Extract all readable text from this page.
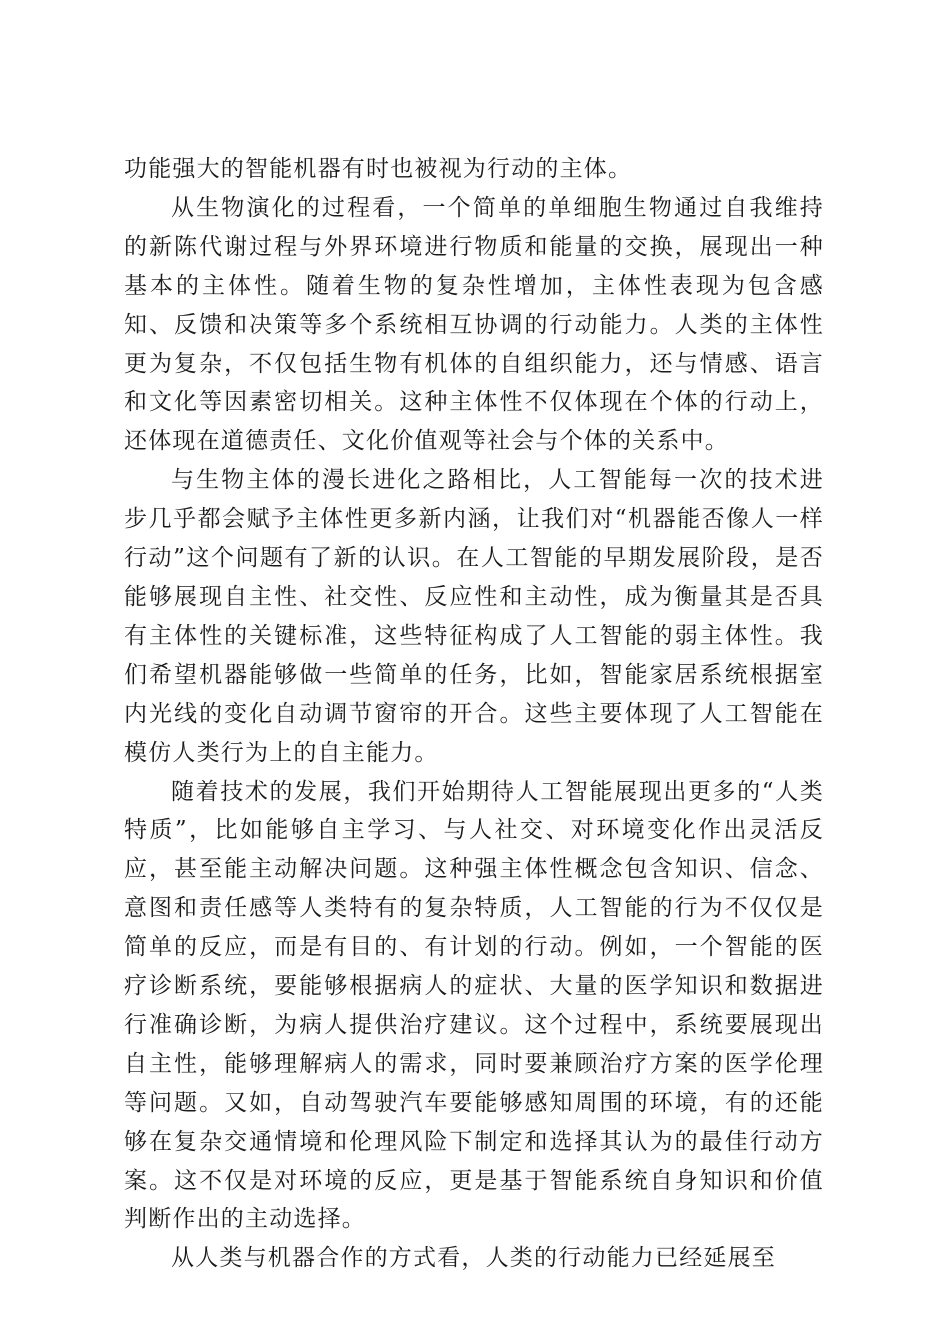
功能强大的智能机器有时也被视为行动的主体。

从生物演化的过程看，一个简单的单细胞生物通过自我维持的新陈代谢过程与外界环境进行物质和能量的交换，展现出一种基本的主体性。随着生物的复杂性增加，主体性表现为包含感知、反馈和决策等多个系统相互协调的行动能力。人类的主体性更为复杂，不仅包括生物有机体的自组织能力，还与情感、语言和文化等因素密切相关。这种主体性不仅体现在个体的行动上，还体现在道德责任、文化价值观等社会与个体的关系中。

与生物主体的漫长进化之路相比，人工智能每一次的技术进步几乎都会赋予主体性更多新内涵，让我们对“机器能否像人一样行动”这个问题有了新的认识。在人工智能的早期发展阶段，是否能够展现自主性、社交性、反应性和主动性，成为衡量其是否具有主体性的关键标准，这些特征构成了人工智能的弱主体性。我们希望机器能够做一些简单的任务，比如，智能家居系统根据室内光线的变化自动调节窗帘的开合。这些主要体现了人工智能在模仿人类行为上的自主能力。

随着技术的发展，我们开始期待人工智能展现出更多的“人类特质”，比如能够自主学习、与人社交、对环境变化作出灵活反应，甚至能主动解决问题。这种强主体性概念包含知识、信念、意图和责任感等人类特有的复杂特质，人工智能的行为不仅仅是简单的反应，而是有目的、有计划的行动。例如，一个智能的医疗诊断系统，要能够根据病人的症状、大量的医学知识和数据进行准确诊断，为病人提供治疗建议。这个过程中，系统要展现出自主性，能够理解病人的需求，同时要兼顾治疗方案的医学伦理等问题。又如，自动驾驶汽车要能够感知周围的环境，有的还能够在复杂交通情境和伦理风险下制定和选择其认为的最佳行动方案。这不仅是对环境的反应，更是基于智能系统自身知识和价值判断作出的主动选择。

从人类与机器合作的方式看，人类的行动能力已经延展至
